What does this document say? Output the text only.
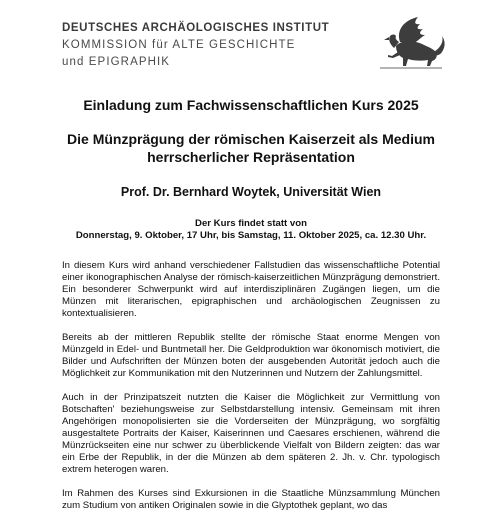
DEUTSCHES ARCHÄOLOGISCHES INSTITUT

KOMMISSION für ALTE GESCHICHTE

und EPIGRAPHIK

Einladung zum Fachwissenschaftlichen Kurs 2025
Die Münzprägung der römischen Kaiserzeit als Medium herrscherlicher Repräsentation

Prof. Dr. Bernhard Woytek, Universität Wien

Der Kurs findet statt von
Donnerstag, 9. Oktober, 17 Uhr, bis Samstag, 11. Oktober 2025, ca. 12.30 Uhr.

In diesem Kurs wird anhand verschiedener Fallstudien das wissenschaftliche Potential einer ikonographischen Analyse der römisch-kaiserzeitlichen Münzprägung demonstriert. Ein besonderer Schwerpunkt wird auf interdisziplinären Zugängen liegen, um die Münzen mit literarischen, epigraphischen und archäologischen Zeugnissen zu kontextualisieren.

Bereits ab der mittleren Republik stellte der römische Staat enorme Mengen von Münzgeld in Edel- und Buntmetall her. Die Geldproduktion war ökonomisch motiviert, die Bilder und Aufschriften der Münzen boten der ausgebenden Autorität jedoch auch die Möglichkeit zur Kommunikation mit den Nutzerinnen und Nutzern der Zahlungsmittel.

Auch in der Prinzipatszeit nutzten die Kaiser die Möglichkeit zur Vermittlung von Botschaften' beziehungsweise zur Selbstdarstellung intensiv. Gemeinsam mit ihren Angehörigen monopolisierten sie die Vorderseiten der Münzprägung, wo sorgfältig ausgestaltete Portraits der Kaiser, Kaiserinnen und Caesares erschienen, während die Münzrückseiten eine nur schwer zu überblickende Vielfalt von Bildern zeigten: das war ein Erbe der Republik, in der die Münzen ab dem späteren 2. Jh. v. Chr. typologisch extrem heterogen waren.

Im Rahmen des Kurses sind Exkursionen in die Staatliche Münzsammlung München zum Studium von antiken Originalen sowie in die Glyptothek geplant, wo das
